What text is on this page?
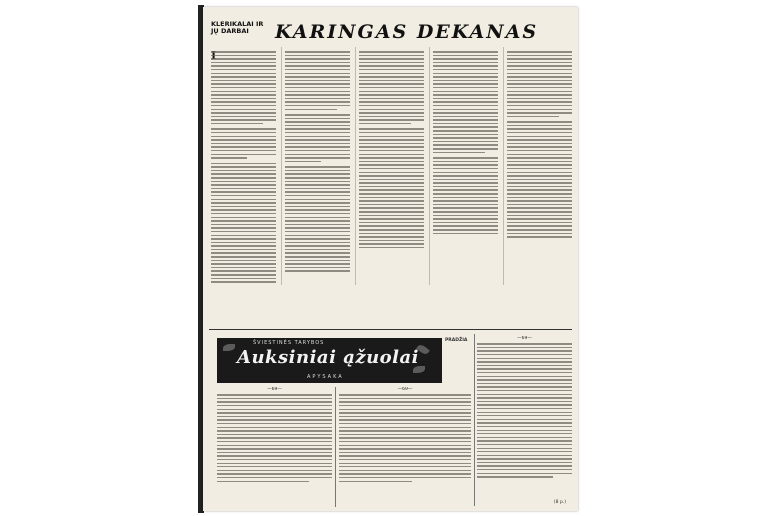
KLERIKALAI IR JŲ DARBAI	KARINGAS DEKANAS
ŠVIESTINĖS TARYBOS
Auksiniai ąžuolai
APYSAKA
PRADŽIA	—69—
—69—	—69—
(8 p.)
